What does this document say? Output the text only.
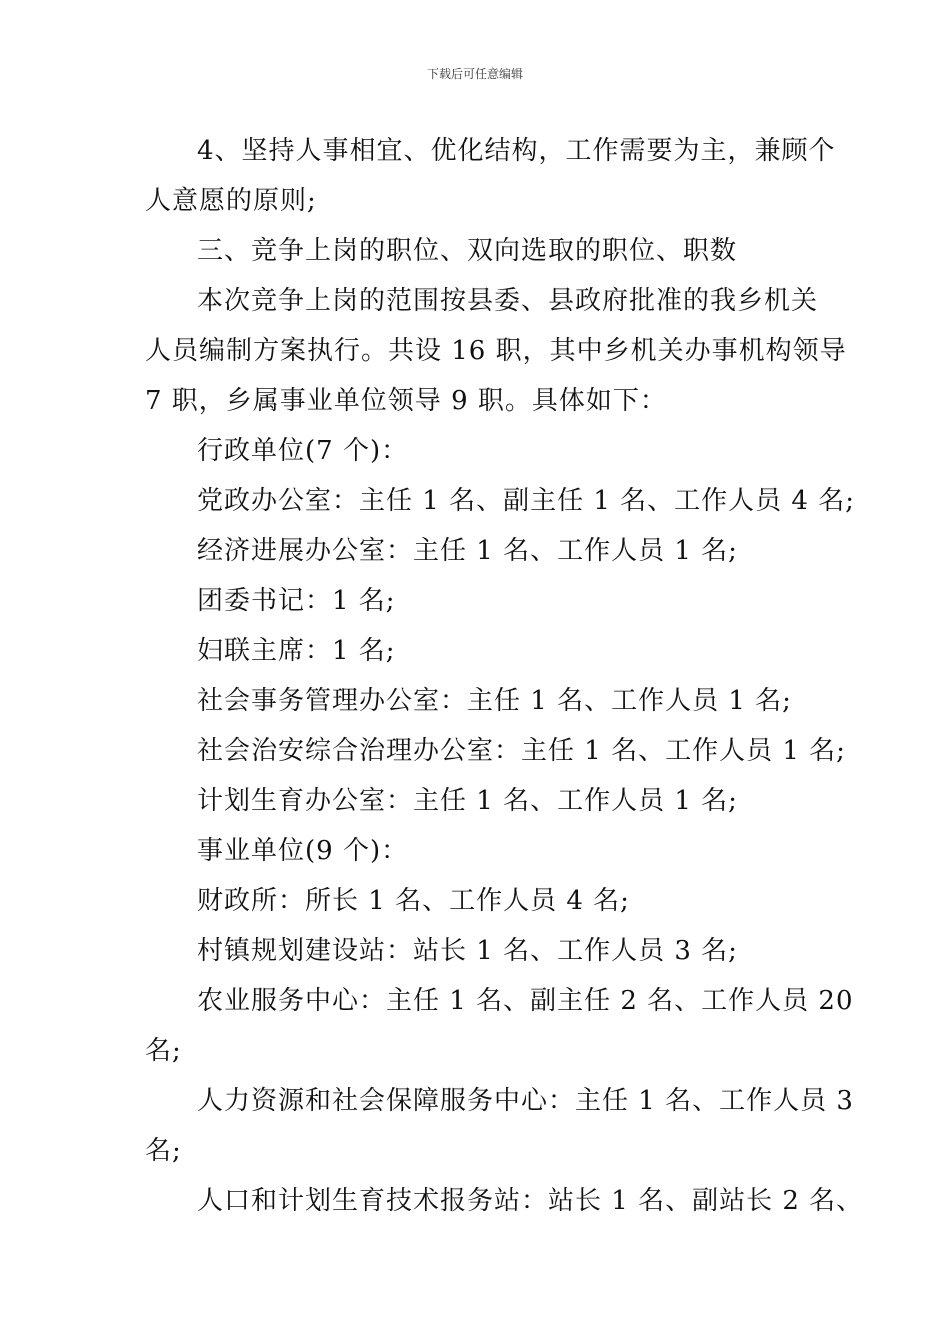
下载后可任意编辑
4、坚持人事相宜、优化结构，工作需要为主，兼顾个
人意愿的原则;
三、竞争上岗的职位、双向选取的职位、职数
本次竞争上岗的范围按县委、县政府批准的我乡机关
人员编制方案执行。共设 16 职，其中乡机关办事机构领导
7 职，乡属事业单位领导 9 职。具体如下：
行政单位(7 个)：
党政办公室：主任 1 名、副主任 1 名、工作人员 4 名;
经济进展办公室：主任 1 名、工作人员 1 名;
团委书记：1 名;
妇联主席：1 名;
社会事务管理办公室：主任 1 名、工作人员 1 名;
社会治安综合治理办公室：主任 1 名、工作人员 1 名;
计划生育办公室：主任 1 名、工作人员 1 名;
事业单位(9 个)：
财政所：所长 1 名、工作人员 4 名;
村镇规划建设站：站长 1 名、工作人员 3 名;
农业服务中心：主任 1 名、副主任 2 名、工作人员 20
名;
人力资源和社会保障服务中心：主任 1 名、工作人员 3
名;
人口和计划生育技术报务站：站长 1 名、副站长 2 名、
